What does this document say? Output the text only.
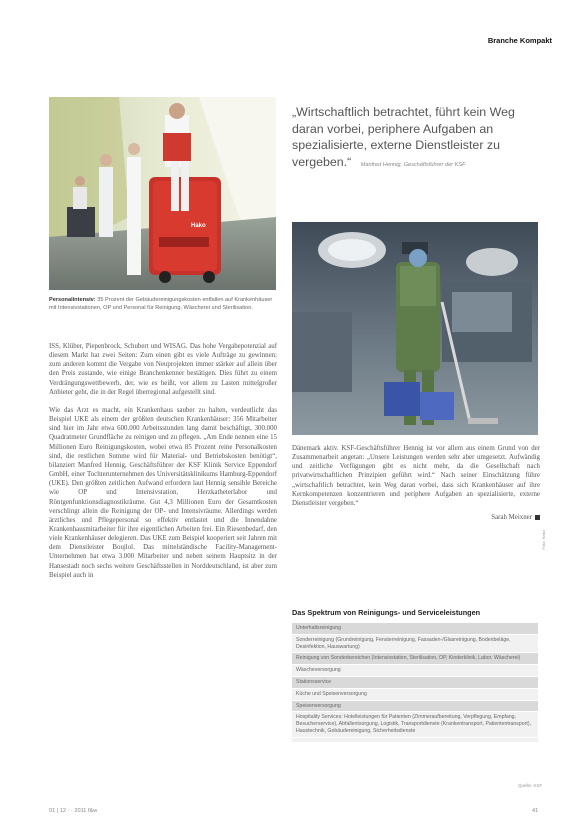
Branche Kompakt
Hako
Personalintensiv: 35 Prozent der Gebäudereinigungskosten entfallen auf Krankenhäuser mit Intensivstationen, OP und Personal für Reinigung, Wäscherei und Sterilisation.
„Wirtschaftlich betrachtet, führt kein Weg daran vorbei, periphere Aufgaben an spezialisierte, externe Dienstleister zu vergeben.“ Manfred Hennig, Geschäftsführer der KSF

ISS, Klüber, Piepenbrock, Schubert und WISAG. Das hohe Vergabepotenzial auf diesem Markt hat zwei Seiten: Zum einen gibt es viele Aufträge zu gewinnen; zum anderen kommt die Vergabe von Neuprojekten immer stärker auf allein über den Preis zustande, wie einige Branchenkenner bestätigen. Dies führt zu einem Verdrängungswettbewerb, der, wie es heißt, vor allem zu Lasten mittelgroßer Anbieter geht, die in der Regel überregional aufgestellt sind.

Wie das Arzt es macht, ein Krankenhaus sauber zu halten, verdeutlicht das Beispiel UKE als einem der größten deutschen Krankenhäuser: 356 Mitarbeiter sind hier im Jahr etwa 600.000 Arbeitsstunden lang damit beschäftigt, 300.000 Quadratmeter Grundfläche zu reinigen und zu pflegen. „Am Ende nennen eine 15 Millionen Euro Reinigungskosten, wobei etwa 85 Prozent reine Personalkosten sind, die restlichen Summe wird für Material- und Betriebskosten benötigt“, bilanziert Manfred Hennig, Geschäftsführer der KSF Klinik Service Eppendorf GmbH, einer Tochterunternehmen des Universitätsklinikums Hamburg-Eppendorf (UKE). Den größten zeitlichen Aufwand erfordern laut Hennig sensible Bereiche wie OP und Intensivstation, Herzkatheterlabor und Röntgenfunktionsdiagnostikräume. Gut 4,3 Millionen Euro der Gesamtkosten verschlingt allein die Reinigung der OP- und Intensivräume. Allerdings werden ärztliches und Pflegepersonal so effektiv entlastet und die Innendahne Krankenhausmitarbeiter für ihre eigentlichen Arbeiten frei. Ein Riesenbedarf, den viele Krankenhäuser delegieren. Das UKE zum Beispiel kooperiert seit Jahren mit dem Dienstleister Boujlol. Das mittelständische Facility-Management-Unternehmen hat etwa 3.000 Mitarbeiter und neben seinem Hauptsitz in der Hansestadt noch sechs weitere Geschäftsstellen in Norddeutschland, ist aber zum Beispiel auch in

Dänemark aktiv. KSF-Geschäftsführer Hennig ist vor allem aus einem Grund von der Zusammenarbeit angetan: „Unsere Leistungen werden sehr aber umgesetzt. Aufwändig und zeitliche Verfügungen gibt es nicht mehr, da die Gesellschaft nach privatwirtschaftlichen Prinzipien geführt wird.“ Nach seiner Einschätzung führe „wirtschaftlich betrachtet, kein Weg daran vorbei, dass sich Krankenhäuser auf ihre Kernkompetenzen konzentrieren und periphere Aufgaben an spezialisierte, externe Dienstleister vergeben.“

Sarah Meixner
Foto: Hako
Das Spektrum von Reinigungs- und Serviceleistungen
Unterhaltsreinigung
Sonderreinigung (Grundreinigung, Fensterreinigung, Fassaden-/Glasreinigung, Bodenbeläge, Desinfektion, Hauswartung)
Reinigung von Sonderbereichen (Intensivstation, Sterilisation, OP, Kinderklinik, Labor, Wäscherei)
Wäscheversorgung
Stationsservice
Küche und Speisenversorgung
Speisenversorgung
Hospitality Services: Hotelleistungen für Patienten (Zimmeraufbereitung, Verpflegung, Empfang, Besucherservice), Abfallentsorgung, Logistik, Transportdienste (Krankentransport, Patiententransport), Haustechnik, Gebäudereinigung, Sicherheitsdienste
Quelle: KSF
01 | 12 · · 2011 f&w	41
